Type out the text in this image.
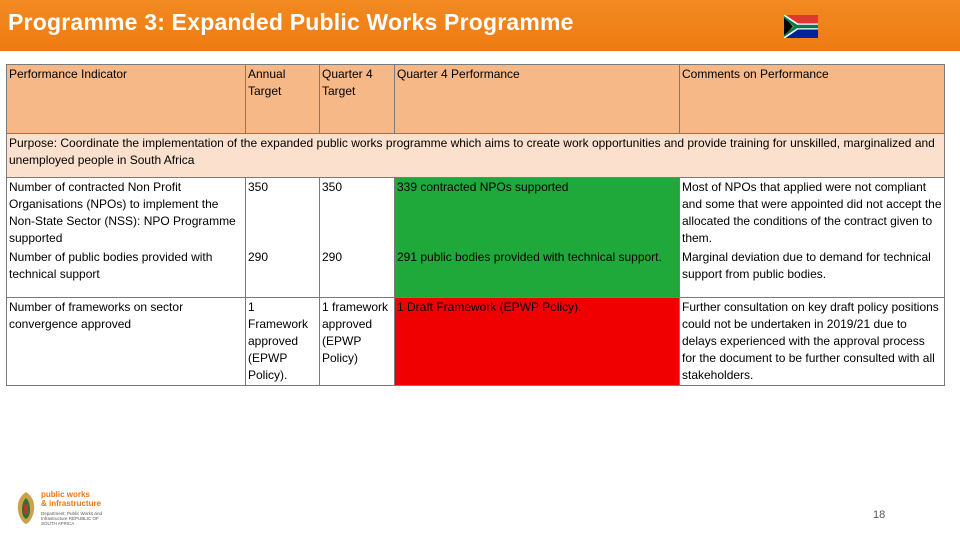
Programme 3: Expanded Public Works Programme
Performance Indicator	Annual Target	Quarter 4 Target	Quarter 4 Performance	Comments on Performance
Purpose: Coordinate the implementation of the expanded public works programme which aims to create work opportunities and provide training for unskilled, marginalized and unemployed people in South Africa				
Number of contracted Non Profit Organisations (NPOs) to implement the Non-State Sector (NSS): NPO Programme supported	350	350	339 contracted NPOs supported	Most of NPOs that applied were not compliant and some that were appointed did not accept the allocated the conditions of the contract given to them.
Number of public bodies provided with technical support	290	290	291 public bodies provided with technical support.	Marginal deviation due to demand for technical support from public bodies.
Number of frameworks on sector convergence approved	1 Framework approved (EPWP Policy).	1 framework approved (EPWP Policy)	1 Draft Framework (EPWP Policy).	Further consultation on key draft policy positions could not be undertaken in 2019/21 due to delays experienced with the approval process for the document to be further consulted with all stakeholders.
public works
& infrastructure
Department: Public Works and Infrastructure REPUBLIC OF SOUTH AFRICA
18
